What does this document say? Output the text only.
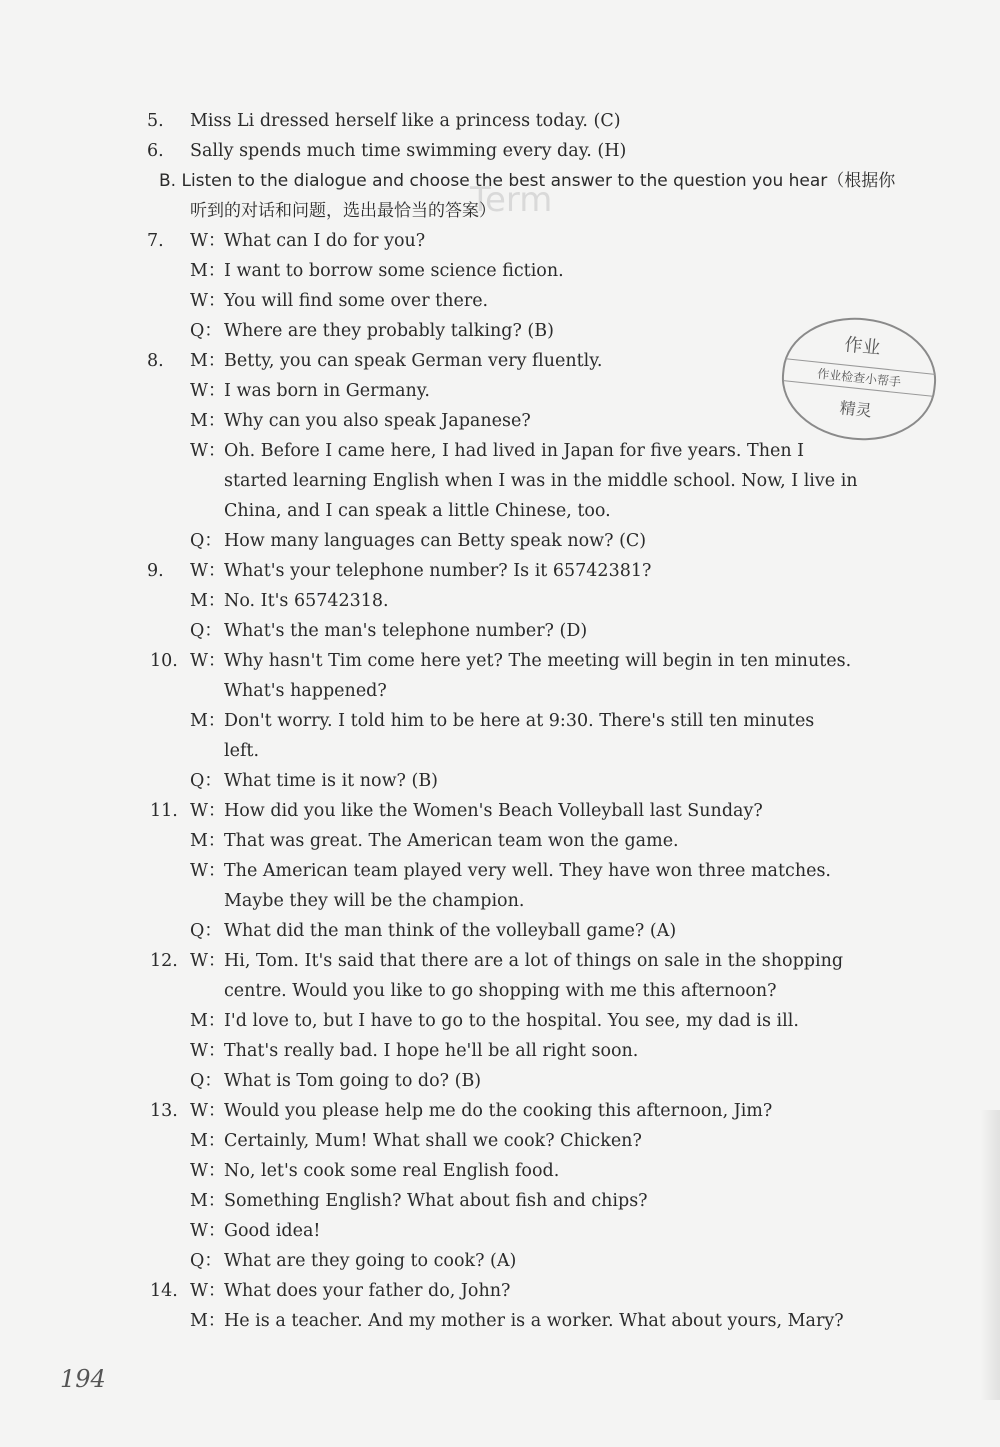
Term
5. Miss Li dressed herself like a princess today. (C)
6. Sally spends much time swimming every day. (H)
B. Listen to the dialogue and choose the best answer to the question you hear（根据你
听到的对话和问题，选出最恰当的答案）
7. W：
What can I do for you?
M：
I want to borrow some science fiction.
W：
You will find some over there.
Q： Where are they probably talking? (B)
8. M：
Betty, you can speak German very fluently.
W：
I was born in Germany.
M：
Why can you also speak Japanese?
W：
Oh. Before I came here, I had lived in Japan for five years. Then I
started learning English when I was in the middle school. Now, I live in
China, and I can speak a little Chinese, too.
Q： How many languages can Betty speak now? (C)
9. W：
What's your telephone number? Is it 65742381?
M：
No. It's 65742318.
Q： What's the man's telephone number? (D)
10. W：
Why hasn't Tim come here yet? The meeting will begin in ten minutes.
What's happened?
M：
Don't worry. I told him to be here at 9:30. There's still ten minutes
left.
Q： What time is it now? (B)
11. W：
How did you like the Women's Beach Volleyball last Sunday?
M：
That was great. The American team won the game.
W：
The American team played very well. They have won three matches.
Maybe they will be the champion.
Q： What did the man think of the volleyball game? (A)
12. W：
Hi, Tom. It's said that there are a lot of things on sale in the shopping
centre. Would you like to go shopping with me this afternoon?
M：
I'd love to, but I have to go to the hospital. You see, my dad is ill.
W：
That's really bad. I hope he'll be all right soon.
Q： What is Tom going to do? (B)
13. W：
Would you please help me do the cooking this afternoon, Jim?
M：
Certainly, Mum! What shall we cook? Chicken?
W：
No, let's cook some real English food.
M：
Something English? What about fish and chips?
W：
Good idea!
Q： What are they going to cook? (A)
14. W：
What does your father do, John?
M：
He is a teacher. And my mother is a worker. What about yours, Mary?
作业
作业检查小帮手
精灵
194
